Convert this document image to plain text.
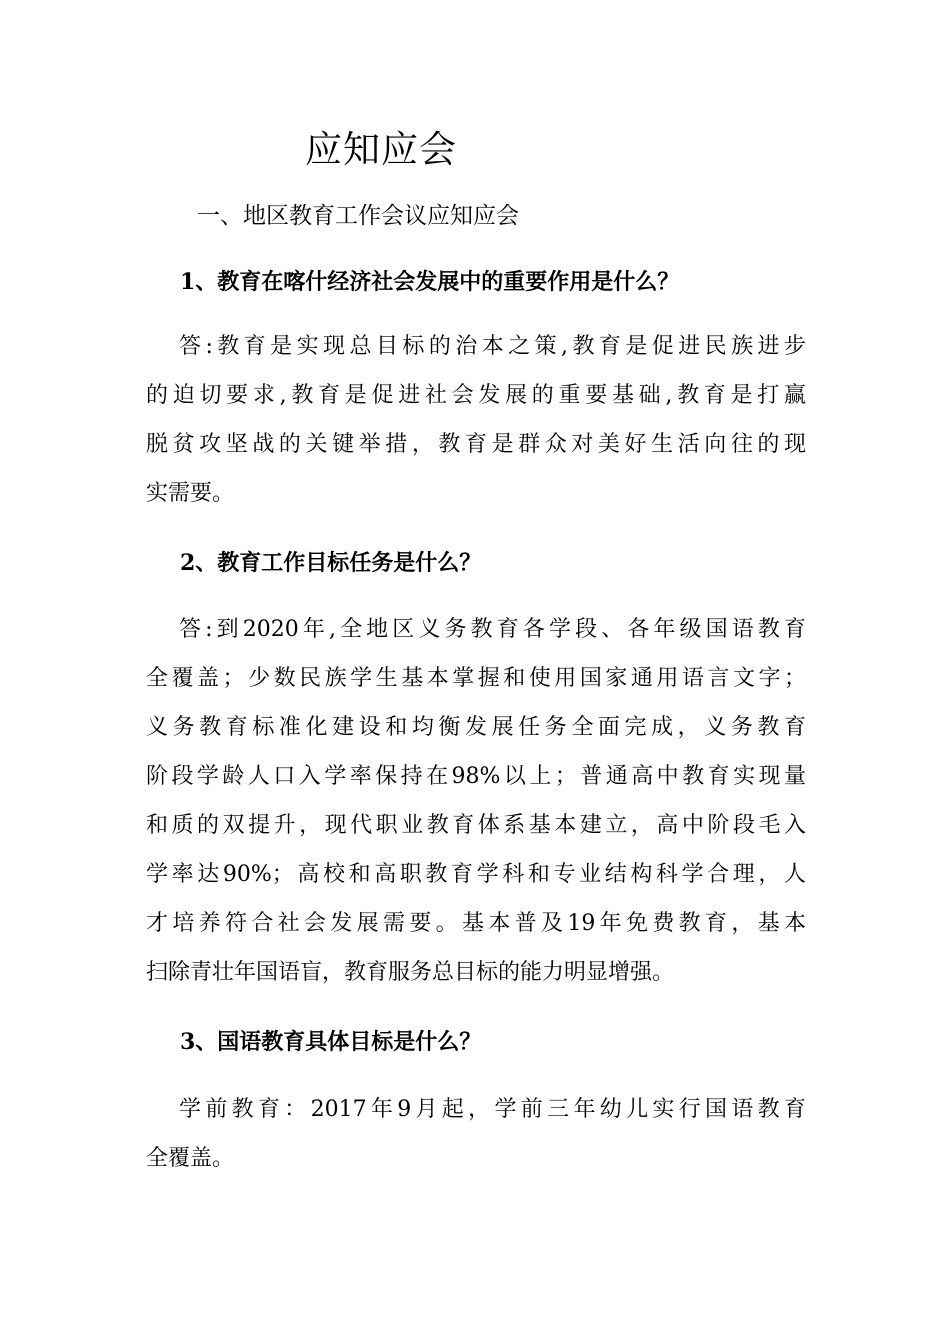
应知应会
一、地区教育工作会议应知应会
1、教育在喀什经济社会发展中的重要作用是什么？
答:教育是实现总目标的治本之策,教育是促进民族进步
的迫切要求,教育是促进社会发展的重要基础,教育是打赢
脱贫攻坚战的关键举措，教育是群众对美好生活向往的现
实需要。
2、教育工作目标任务是什么？
答:到2020年,全地区义务教育各学段、各年级国语教育
全覆盖；少数民族学生基本掌握和使用国家通用语言文字；
义务教育标准化建设和均衡发展任务全面完成，义务教育
阶段学龄人口入学率保持在98%以上；普通高中教育实现量
和质的双提升，现代职业教育体系基本建立，高中阶段毛入
学率达90%；高校和高职教育学科和专业结构科学合理，人
才培养符合社会发展需要。基本普及19年免费教育，基本
扫除青壮年国语盲，教育服务总目标的能力明显增强。
3、国语教育具体目标是什么？
学前教育：2017年9月起，学前三年幼儿实行国语教育
全覆盖。
